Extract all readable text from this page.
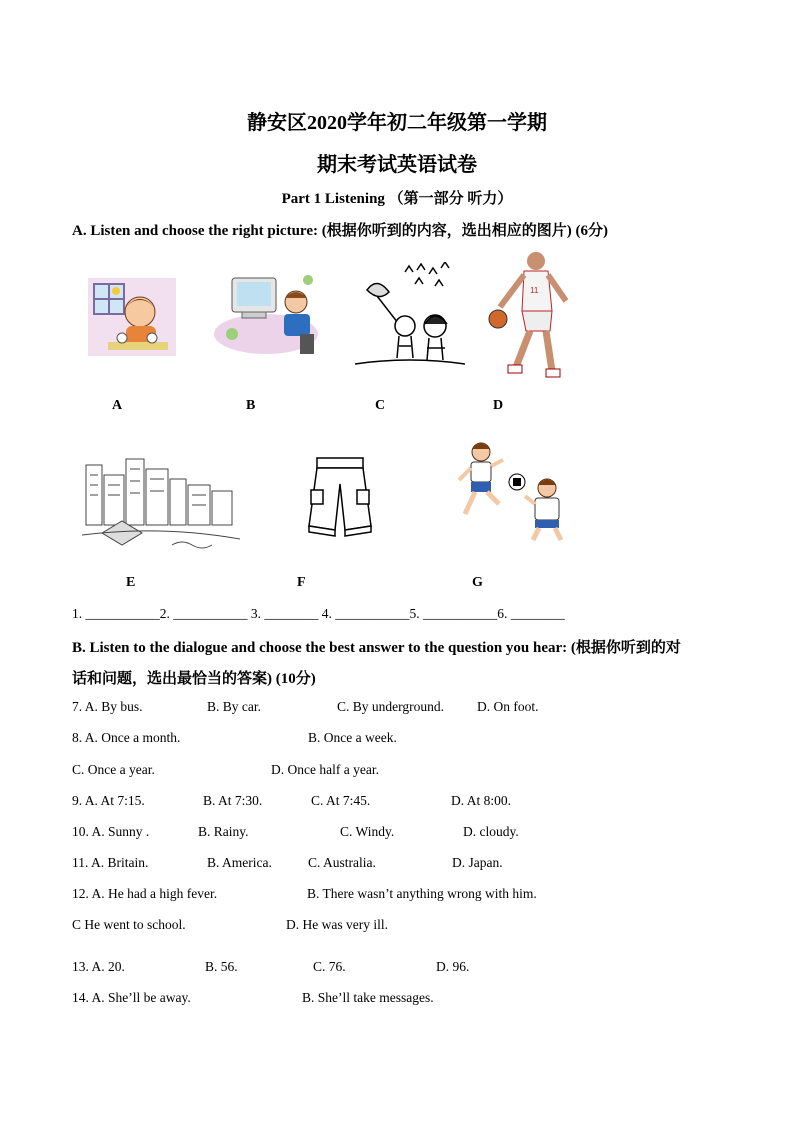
静安区2020学年初二年级第一学期
期末考试英语试卷
Part 1 Listening （第一部分 听力）
A. Listen and choose the right picture: (根据你听到的内容，选出相应的图片) (6分)
11
A	B	C	D
E	F	G
1. ___________2. ___________ 3. ________ 4. ___________5. ___________6. ________
B. Listen to the dialogue and choose the best answer to the question you hear: (根据你听到的对
话和问题，选出最恰当的答案) (10分)
7. A. By bus.	B. By car.	C. By underground. D. On foot.
8. A. Once a month.	B. Once a week.
C. Once a year.	D. Once half a year.
9. A. At 7:15.	B. At 7:30.	C. At 7:45.	D. At 8:00.
10. A. Sunny .	B. Rainy.	C. Windy.	D. cloudy.
11. A. Britain.	B. America.	C. Australia.	D. Japan.
12. A. He had a high fever.	B. There wasn’t anything wrong with him.
C He went to school.	D. He was very ill.
13. A. 20.	B. 56.	C. 76.	D. 96.
14. A. She’ll be away.	B. She’ll take messages.
